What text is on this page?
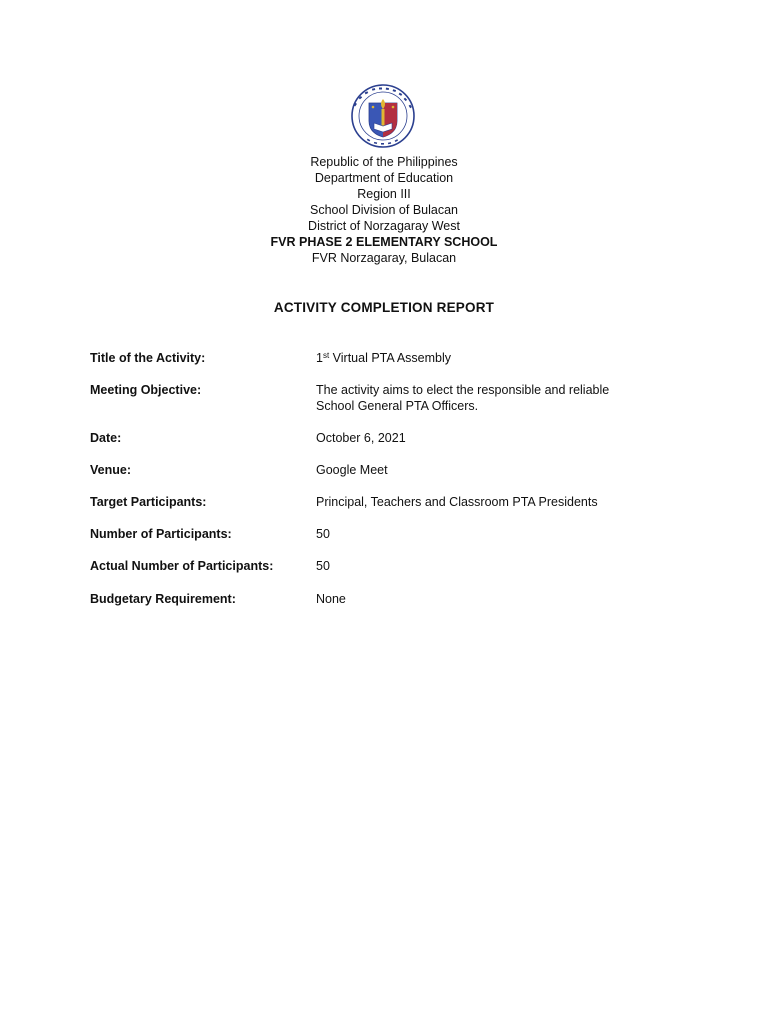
Republic of the Philippines
Department of Education
Region III
School Division of Bulacan
District of Norzagaray West
FVR PHASE 2 ELEMENTARY SCHOOL
FVR Norzagaray, Bulacan
ACTIVITY COMPLETION REPORT
Title of the Activity:	1st Virtual PTA Assembly
Meeting Objective:	The activity aims to elect the responsible and reliable
School General PTA Officers.
Date:	October 6, 2021
Venue:	Google Meet
Target Participants:	Principal, Teachers and Classroom PTA Presidents
Number of Participants:	50
Actual Number of Participants:	50
Budgetary Requirement:	None
